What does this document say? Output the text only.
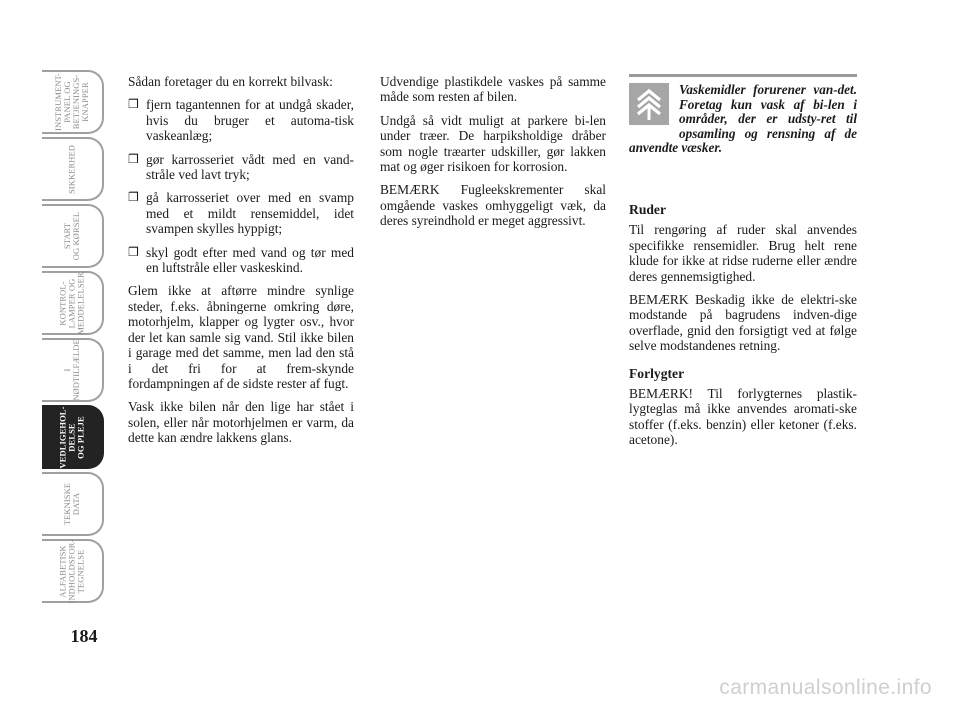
INSTRUMENT-
PANEL OG
BETJENINGS-
KNAPPER
SIKKERHED
START
OG KØRSEL
KONTROL-
LAMPER OG
MEDDELELSER
I
NØDTILFÆLDE
VEDLIGEHOL-
DELSE
OG PLEJE
TEKNISKE
DATA
ALFABETISK
INDHOLDSFOR-
TEGNELSE
184

Sådan foretager du en korrekt bilvask:

❒ fjern tagantennen for at undgå skader, hvis du bruger et automa-tisk vaskeanlæg;
❒ gør karrosseriet vådt med en vand-stråle ved lavt tryk;
❒ gå karrosseriet over med en svamp med et mildt rensemiddel, idet svampen skylles hyppigt;
❒ skyl godt efter med vand og tør med en luftstråle eller vaskeskind.

Glem ikke at aftørre mindre synlige steder, f.eks. åbningerne omkring døre, motorhjelm, klapper og lygter osv., hvor der let kan samle sig vand. Stil ikke bilen i garage med det samme, men lad den stå i det fri for at frem-skynde fordampningen af de sidste rester af fugt.

Vask ikke bilen når den lige har stået i solen, eller når motorhjelmen er varm, da dette kan ændre lakkens glans.

Udvendige plastikdele vaskes på samme måde som resten af bilen.

Undgå så vidt muligt at parkere bi-len under træer. De harpiksholdige dråber som nogle træarter udskiller, gør lakken mat og øger risikoen for korrosion.

BEMÆRK Fugleekskrementer skal omgående vaskes omhyggeligt væk, da deres syreindhold er meget aggressivt.

Vaskemidler forurener van-det. Foretag kun vask af bi-len i områder, der er udsty-ret til opsamling og rensning af de anvendte væsker.
Ruder

Til rengøring af ruder skal anvendes specifikke rensemidler. Brug helt rene klude for ikke at ridse ruderne eller ændre deres gennemsigtighed.

BEMÆRK Beskadig ikke de elektri-ske modstande på bagrudens indven-dige overflade, gnid den forsigtigt ved at følge selve modstandenes retning.

Forlygter

BEMÆRK! Til forlygternes plastik-lygteglas må ikke anvendes aromati-ske stoffer (f.eks. benzin) eller ketoner (f.eks. acetone).

carmanualsonline.info
